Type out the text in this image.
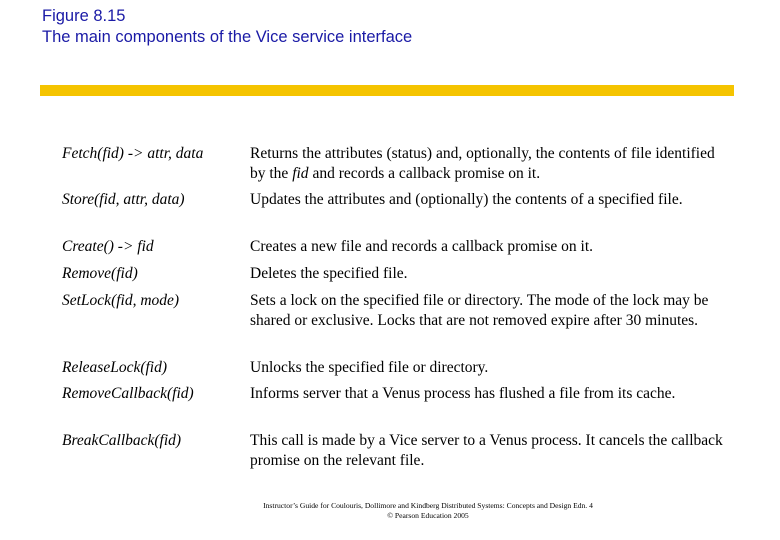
Figure 8.15
The main components of the Vice service interface
Fetch(fid) -> attr, data	Returns the attributes (status) and, optionally, the contents of file identified by the fid and records a callback promise on it.
Store(fid, attr, data)	Updates the attributes and (optionally) the contents of a specified file.
Create() -> fid	Creates a new file and records a callback promise on it.
Remove(fid)	Deletes the specified file.
SetLock(fid, mode)	Sets a lock on the specified file or directory. The mode of the lock may be shared or exclusive. Locks that are not removed expire after 30 minutes.
ReleaseLock(fid)	Unlocks the specified file or directory.
RemoveCallback(fid)	Informs server that a Venus process has flushed a file from its cache.
BreakCallback(fid)	This call is made by a Vice server to a Venus process. It cancels the callback promise on the relevant file.
Instructor’s Guide for Coulouris, Dollimore and Kindberg Distributed Systems: Concepts and Design Edn. 4
© Pearson Education 2005
